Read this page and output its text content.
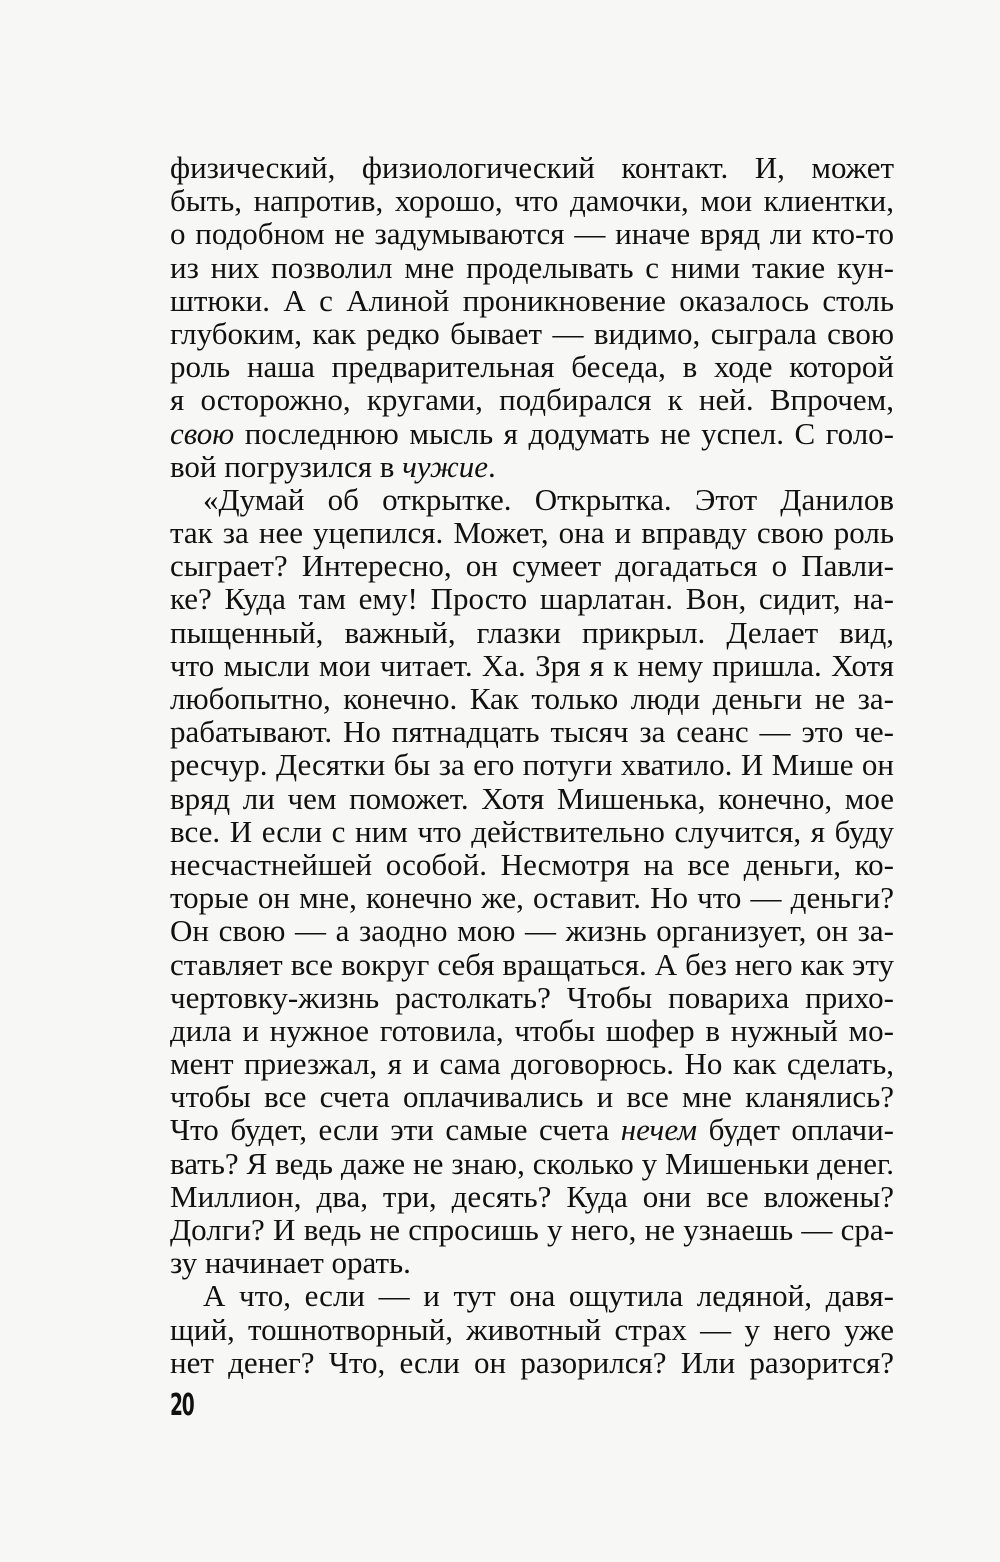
физический, физиологический контакт. И, может
быть, напротив, хорошо, что дамочки, мои клиентки,
о подобном не задумываются — иначе вряд ли кто-то
из них позволил мне проделывать с ними такие кун-
штюки. А с Алиной проникновение оказалось столь
глубоким, как редко бывает — видимо, сыграла свою
роль наша предварительная беседа, в ходе которой
я осторожно, кругами, подбирался к ней. Впрочем,
свою последнюю мысль я додумать не успел. С голо-
вой погрузился в чужие.
«Думай об открытке. Открытка. Этот Данилов
так за нее уцепился. Может, она и вправду свою роль
сыграет? Интересно, он сумеет догадаться о Павли-
ке? Куда там ему! Просто шарлатан. Вон, сидит, на-
пыщенный, важный, глазки прикрыл. Делает вид,
что мысли мои читает. Ха. Зря я к нему пришла. Хотя
любопытно, конечно. Как только люди деньги не за-
рабатывают. Но пятнадцать тысяч за сеанс — это че-
ресчур. Десятки бы за его потуги хватило. И Мише он
вряд ли чем поможет. Хотя Мишенька, конечно, мое
все. И если с ним что действительно случится, я буду
несчастнейшей особой. Несмотря на все деньги, ко-
торые он мне, конечно же, оставит. Но что — деньги?
Он свою — а заодно мою — жизнь организует, он за-
ставляет все вокруг себя вращаться. А без него как эту
чертовку-жизнь растолкать? Чтобы повариха прихо-
дила и нужное готовила, чтобы шофер в нужный мо-
мент приезжал, я и сама договорюсь. Но как сделать,
чтобы все счета оплачивались и все мне кланялись?
Что будет, если эти самые счета нечем будет оплачи-
вать? Я ведь даже не знаю, сколько у Мишеньки денег.
Миллион, два, три, десять? Куда они все вложены?
Долги? И ведь не спросишь у него, не узнаешь — сра-
зу начинает орать.
А что, если — и тут она ощутила ледяной, давя-
щий, тошнотворный, животный страх — у него уже
нет денег? Что, если он разорился? Или разорится?
20
